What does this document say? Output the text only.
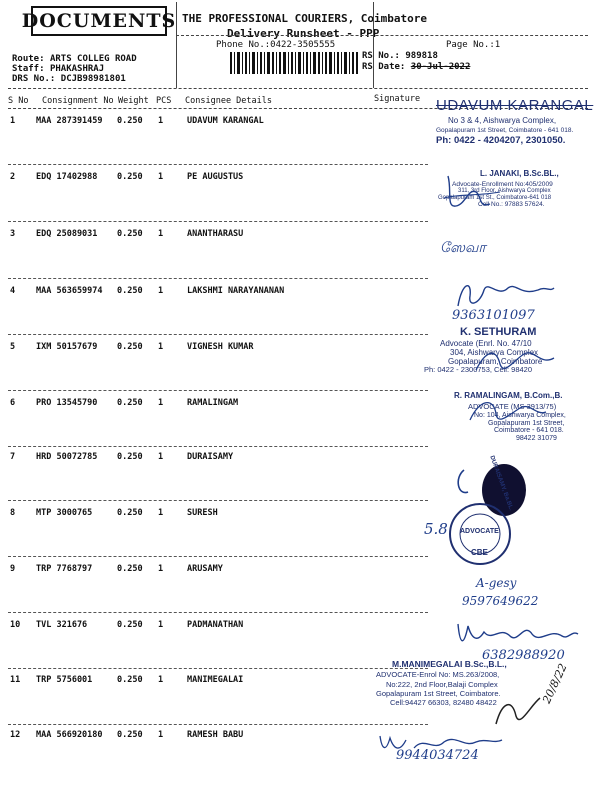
DOCUMENTS THE PROFESSIONAL COURIERS, Coimbatore
Delivery Runsheet - PPP
Phone No.:0422-3505555	Page No.:1
Route: ARTS COLLEG ROAD
Staff: PHAKASHRAJ
DRS No.: DCJB98981801
RS No.: 989818
RS Date: 30-Jul-2022
S No Consignment No Weight PCS Consignee Details	Signature
1 MAA 287391459 0.250 1	UDAVUM KARANGAL
2 EDQ 17402988 0.250 1	PE AUGUSTUS
3 EDQ 25089031 0.250 1	ANANTHARASU
4 MAA 563659974 0.250 1	LAKSHMI NARAYANANAN
5 IXM 50157679 0.250 1	VIGNESH KUMAR
6 PRO 13545790 0.250 1	RAMALINGAM
7 HRD 50072785 0.250 1	DURAISAMY
8 MTP 3000765	0.250 1	SURESH
9 TRP 7768797	0.250 1	ARUSAMY
10 TVL 321676	0.250 1	PADMANATHAN
11 TRP 5756001	0.250 1	MANIMEGALAI
12 MAA 566920180 0.250 1	RAMESH BABU
UDAVUM KARANGAL
No 3 & 4, Aishwarya Complex,
Gopalapuram 1st Street, Coimbatore - 641 018.
Ph: 0422 - 4204207, 2301050.
L. JANAKI, B.Sc.BL.,
Advocate-Enrollment No:405/2009
311, 3rd Floor, Aishwarya Complex
Gopalapuram 1st St., Coimbatore-641 018
Cell No.: 97883 57624.
ஸேவா
9363101097
K. SETHURAM
Advocate (Enrl. No. 47/10
304, Aishwarya Complex
Gopalapuram, Coimbatore
Ph: 0422 - 2300753, Cell: 98420
R. RAMALINGAM, B.Com.,B.
ADVOCATE (MS 3913/75)
No: 104, Aishwarya Complex,
Gopalapuram 1st Street,
Coimbatore - 641 018.
98422 31079
DURAISAMY, Ba.BL.
ADVOCATE
CBE
5.8
A-gesy
9597649622
6382988920
M.MANIMEGALAI B.Sc.,B.L.,
ADVOCATE-Enrol No: MS.263/2008,
No:222, 2nd Floor,Balaji Complex
Gopalapuram 1st Street, Coimbatore.
Cell:94427 66303, 82480 48422	20/8/22
9944034724
